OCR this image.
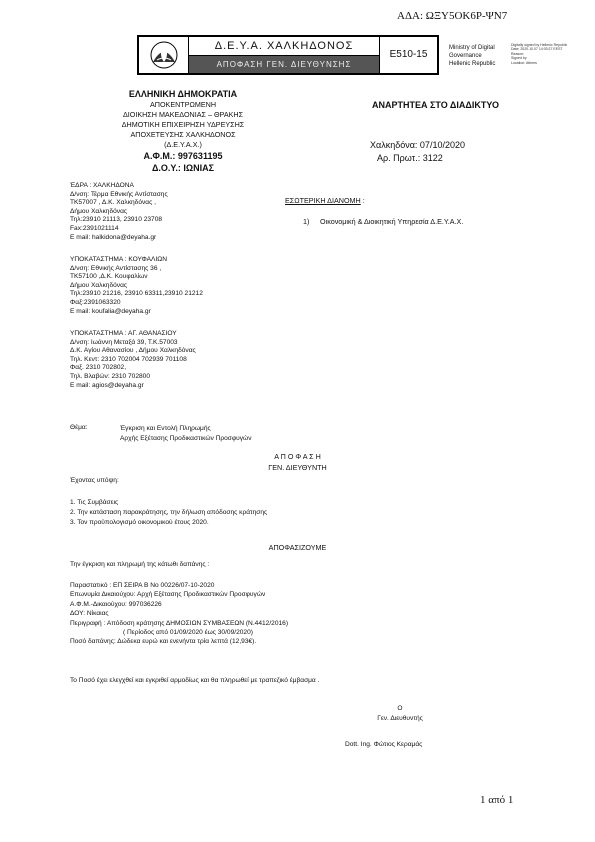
ΑΔΑ: ΩΞΥ5ΟΚ6Ρ-ΨΝ7
Δ.Ε.Υ.Α. ΧΑΛΚΗΔΟΝΟΣ
ΑΠΟΦΑΣΗ ΓΕΝ. ΔΙΕΥΘΥΝΣΗΣ
Ε510-15
Ministry of Digital
Governance
Hellenic Republic
Digitally signed by Hellenic Republic
Date: 2020.10.07 14:03:27 EEST
Reason:
Signed by
Location: Athens
ΕΛΛΗΝΙΚΗ ΔΗΜΟΚΡΑΤΙΑ
ΑΠΟΚΕΝΤΡΩΜΕΝΗ
ΔΙΟΙΚΗΣΗ ΜΑΚΕΔΟΝΙΑΣ – ΘΡΑΚΗΣ
ΔΗΜΟΤΙΚΗ ΕΠΙΧΕΙΡΗΣΗ ΥΔΡΕΥΣΗΣ
ΑΠΟΧΕΤΕΥΣΗΣ ΧΑΛΚΗΔΟΝΟΣ
(Δ.Ε.Υ.Α.Χ.)
Α.Φ.Μ.: 997631195
Δ.Ο.Υ.: ΙΩΝΙΑΣ
ΑΝΑΡΤΗΤΕΑ ΣΤΟ ΔΙΑΔΙΚΤΥΟ
Χαλκηδόνα: 07/10/2020
Αρ. Πρωτ.: 3122
ΈΔΡΑ : ΧΑΛΚΗΔΟΝΑ
Δ/νση: Τέρμα Εθνικής Αντίστασης
ΤΚ57007 , Δ.Κ. Χαλκηδόνας ,
Δήμου Χαλκηδόνας
Τηλ:23910 21113, 23910 23708
Fax:2391021114
E mail: halkidona@deyaha.gr
ΥΠΟΚΑΤΑΣΤΗΜΑ : ΚΟΥΦΑΛΙΩΝ
Δ/νση: Εθνικής Αντίστασης 36 ,
ΤΚ57100 ,Δ.Κ. Κουφαλίων
Δήμου Χαλκηδόνας
Τηλ:23910 21216, 23910 63311,23910 21212
Φαξ:2391063320
E mail: koufalia@deyaha.gr
ΥΠΟΚΑΤΑΣΤΗΜΑ : ΑΓ. ΑΘΑΝΑΣΙΟΥ
Δ/νση: Ιωάννη Μεταξά 39, Τ.Κ.57003
Δ.Κ. Αγίου Αθανασίου , Δήμου Χαλκηδόνας
Τηλ. Κεντ: 2310 702004 702939 701108
Φαξ. 2310 702802,
Τηλ. Βλαβών: 2310 702800
E mail: agios@deyaha.gr
ΕΣΩΤΕΡΙΚΗ ΔΙΑΝΟΜΗ :
1) Οικονομική & Διοικητική Υπηρεσία Δ.Ε.Υ.Α.Χ.
Θέμα:	Έγκριση και Εντολή Πληρωμής
Αρχής Εξέτασης Προδικαστικών Προσφυγών
Α Π Ο Φ Α Σ Η
ΓΕΝ. ΔΙΕΥΘΥΝΤΗ
Έχοντας υπόψη:
1. Τις Συμβάσεις
2. Την κατάσταση παρακράτησης, την δήλωση απόδοσης κράτησης
3. Τον προϋπολογισμό οικονομικού έτους 2020.
ΑΠΟΦΑΣΙΖΟΥΜΕ
Την έγκριση και πληρωμή της κάτωθι δαπάνης :
Παραστατικό : ΕΠ ΣΕΙΡΑ Β Νο 00226/07-10-2020
Επωνυμία Δικαιούχου: Αρχή Εξέτασης Προδικαστικών Προσφυγών
Α.Φ.Μ.-Δικαιούχου: 997036226
ΔΟΥ: Νίκαιας
Περιγραφή : Απόδοση κράτησης ΔΗΜΟΣΙΩΝ ΣΥΜΒΑΣΕΩΝ (Ν.4412/2016)
( Περίοδος από 01/09/2020 έως 30/09/2020)
Ποσό δαπάνης: Δώδεκα ευρώ και ενενήντα τρία λεπτά (12,93€).
Το Ποσό έχει ελεγχθεί και εγκριθεί αρμοδίως και θα πληρωθεί με τραπεζικό έμβασμα .
Ο
Γεν. Διευθυντής
Dott. Ing. Φώτιος Κεραμάς
1 από 1
